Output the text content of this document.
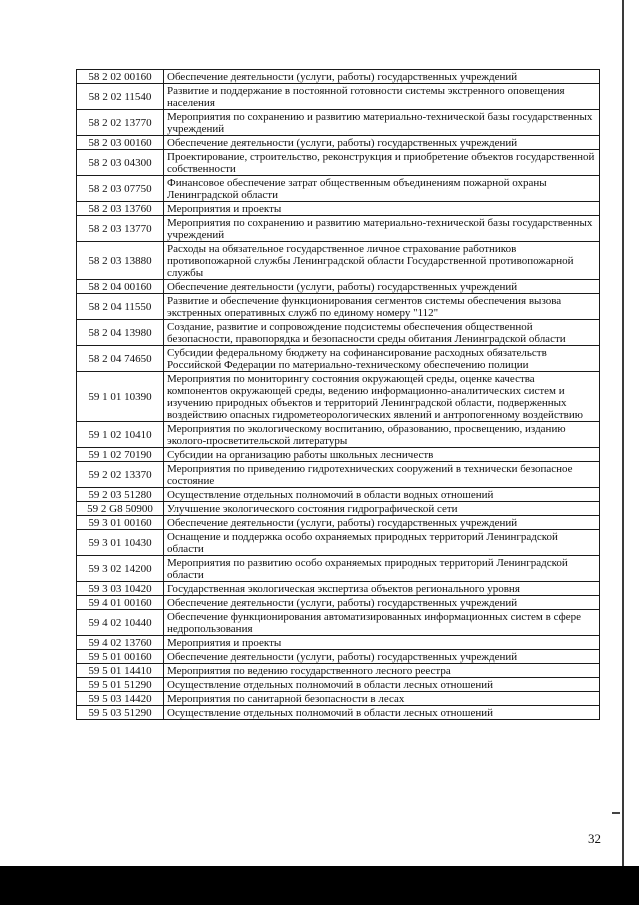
58 2 02 00160	Обеспечение деятельности (услуги, работы) государственных учреждений
58 2 02 11540	Развитие и поддержание в постоянной готовности системы экстренного оповещения населения
58 2 02 13770	Мероприятия по сохранению и развитию материально-технической базы государственных учреждений
58 2 03 00160	Обеспечение деятельности (услуги, работы) государственных учреждений
58 2 03 04300	Проектирование, строительство, реконструкция и приобретение объектов государственной собственности
58 2 03 07750	Финансовое обеспечение затрат общественным объединениям пожарной охраны Ленинградской области
58 2 03 13760	Мероприятия и проекты
58 2 03 13770	Мероприятия по сохранению и развитию материально-технической базы государственных учреждений
58 2 03 13880	Расходы на обязательное государственное личное страхование работников противопожарной службы Ленинградской области Государственной противопожарной службы
58 2 04 00160	Обеспечение деятельности (услуги, работы) государственных учреждений
58 2 04 11550	Развитие и обеспечение функционирования сегментов системы обеспечения вызова экстренных оперативных служб по единому номеру "112"
58 2 04 13980	Создание, развитие и сопровождение подсистемы обеспечения общественной безопасности, правопорядка и безопасности среды обитания Ленинградской области
58 2 04 74650	Субсидии федеральному бюджету на софинансирование расходных обязательств Российской Федерации по материально-техническому обеспечению полиции
59 1 01 10390	Мероприятия по мониторингу состояния окружающей среды, оценке качества компонентов окружающей среды, ведению информационно-аналитических систем и изучению природных объектов и территорий Ленинградской области, подверженных воздействию опасных гидрометеорологических явлений и антропогенному воздействию
59 1 02 10410	Мероприятия по экологическому воспитанию, образованию, просвещению, изданию эколого-просветительской литературы
59 1 02 70190	Субсидии на организацию работы школьных лесничеств
59 2 02 13370	Мероприятия по приведению гидротехнических сооружений в технически безопасное состояние
59 2 03 51280	Осуществление отдельных полномочий в области водных отношений
59 2 G8 50900	Улучшение экологического состояния гидрографической сети
59 3 01 00160	Обеспечение деятельности (услуги, работы) государственных учреждений
59 3 01 10430	Оснащение и поддержка особо охраняемых природных территорий Ленинградской области
59 3 02 14200	Мероприятия по развитию особо охраняемых природных территорий Ленинградской области
59 3 03 10420	Государственная экологическая экспертиза объектов регионального уровня
59 4 01 00160	Обеспечение деятельности (услуги, работы) государственных учреждений
59 4 02 10440	Обеспечение функционирования автоматизированных информационных систем в сфере недропользования
59 4 02 13760	Мероприятия и проекты
59 5 01 00160	Обеспечение деятельности (услуги, работы) государственных учреждений
59 5 01 14410	Мероприятия по ведению государственного лесного реестра
59 5 01 51290	Осуществление отдельных полномочий в области лесных отношений
59 5 03 14420	Мероприятия по санитарной безопасности в лесах
59 5 03 51290	Осуществление отдельных полномочий в области лесных отношений
32
